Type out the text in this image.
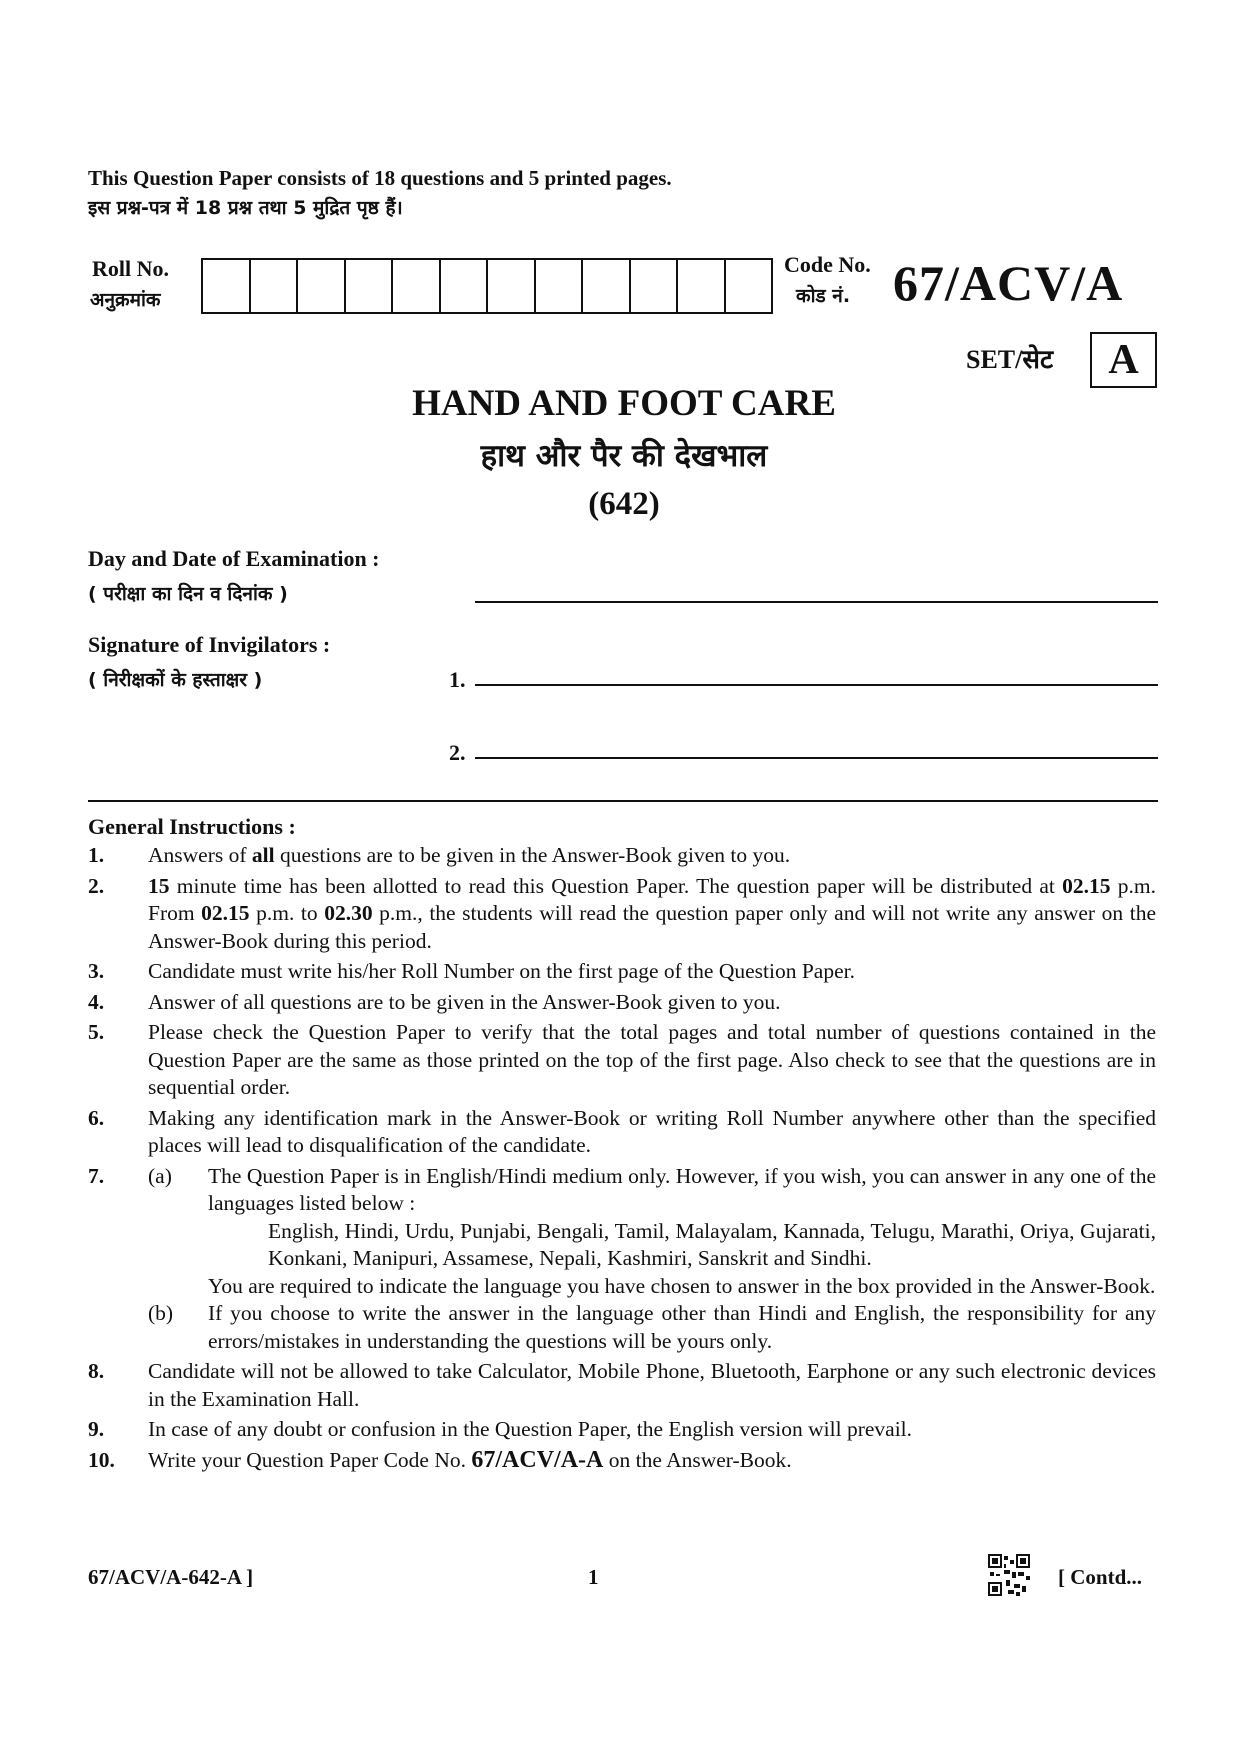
This Question Paper consists of 18 questions and 5 printed pages.
इस प्रश्न-पत्र में 18 प्रश्न तथा 5 मुद्रित पृष्ठ हैं।
Roll No.
अनुक्रमांक
Code No.
कोड नं. 67/ACV/A
SET/सेट	A
HAND AND FOOT CARE
हाथ और पैर की देखभाल
(642)
Day and Date of Examination :
( परीक्षा का दिन व दिनांक )
Signature of Invigilators :
( निरीक्षकों के हस्ताक्षर )	1.
2.
General Instructions :
1.	Answers of all questions are to be given in the Answer-Book given to you.
2.	15 minute time has been allotted to read this Question Paper. The question paper will be distributed at 02.15 p.m. From 02.15 p.m. to 02.30 p.m., the students will read the question paper only and will not write any answer on the Answer-Book during this period.
3.	Candidate must write his/her Roll Number on the first page of the Question Paper.
4.	Answer of all questions are to be given in the Answer-Book given to you.
5.	Please check the Question Paper to verify that the total pages and total number of questions contained in the Question Paper are the same as those printed on the top of the first page. Also check to see that the questions are in sequential order.
6.	Making any identification mark in the Answer-Book or writing Roll Number anywhere other than the specified places will lead to disqualification of the candidate.
7.	(a)	The Question Paper is in English/Hindi medium only. However, if you wish, you can answer in any one of the languages listed below :
English, Hindi, Urdu, Punjabi, Bengali, Tamil, Malayalam, Kannada, Telugu, Marathi, Oriya, Gujarati, Konkani, Manipuri, Assamese, Nepali, Kashmiri, Sanskrit and Sindhi.
You are required to indicate the language you have chosen to answer in the box provided in the Answer-Book.
(b)	If you choose to write the answer in the language other than Hindi and English, the responsibility for any errors/mistakes in understanding the questions will be yours only.
8.	Candidate will not be allowed to take Calculator, Mobile Phone, Bluetooth, Earphone or any such electronic devices in the Examination Hall.
9.	In case of any doubt or confusion in the Question Paper, the English version will prevail.
10.	Write your Question Paper Code No. 67/ACV/A-A on the Answer-Book.
67/ACV/A-642-A ]	1	[ Contd...
